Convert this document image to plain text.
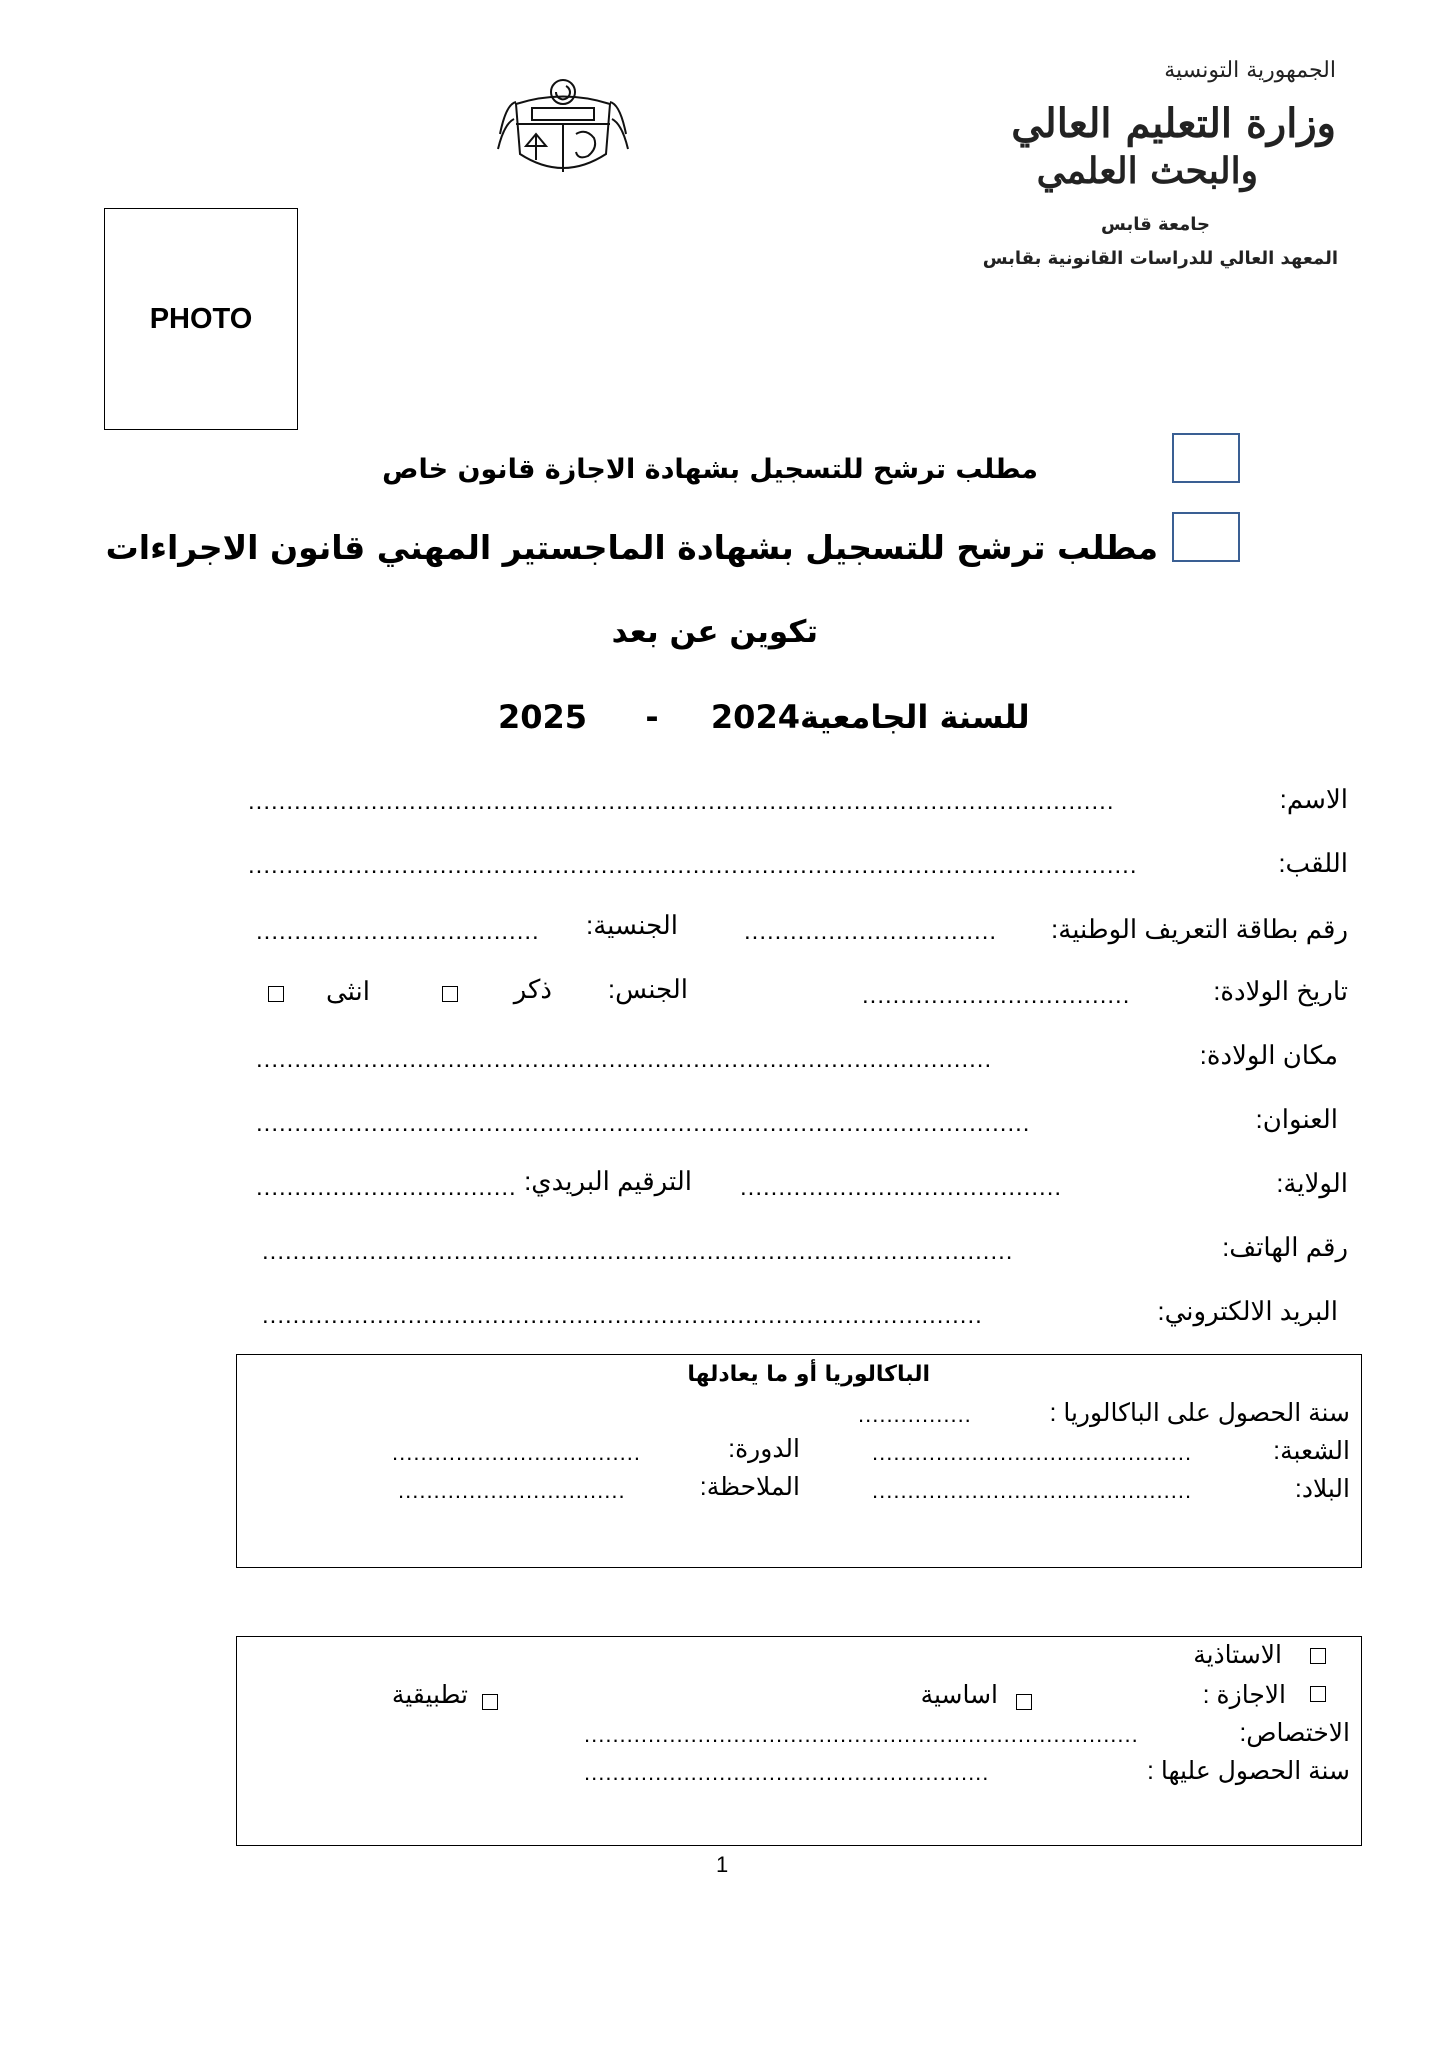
الجمهورية التونسية
وزارة التعليم العالي
والبحث العلمي
جامعة قابس
المعهد العالي للدراسات القانونية بقابس
PHOTO
مطلب ترشح للتسجيل بشهادة الاجازة قانون خاص
مطلب ترشح للتسجيل بشهادة الماجستير المهني قانون الاجراءات
تكوين عن بعد
2025 - 2024للسنة الجامعية
الاسم:
.................................................................................................................
اللقب:
....................................................................................................................
رقم بطاقة التعريف الوطنية:
.................................
الجنسية:
.....................................
تاريخ الولادة:
...................................
الجنس:
ذكر
انثى
مكان الولادة:
................................................................................................
العنوان:
.....................................................................................................
الولاية:
..........................................
الترقيم البريدي:
..................................
رقم الهاتف:
..................................................................................................
البريد الالكتروني:
..............................................................................................
الباكالوريا أو ما يعادلها
سنة الحصول على الباكالوريا :
................
الشعبة:
.............................................
الدورة:
...................................
البلاد:
.............................................
الملاحظة:
................................
الاستاذية
الاجازة :
اساسية
تطبيقية
الاختصاص:
..............................................................................
سنة الحصول عليها :
.........................................................
1
